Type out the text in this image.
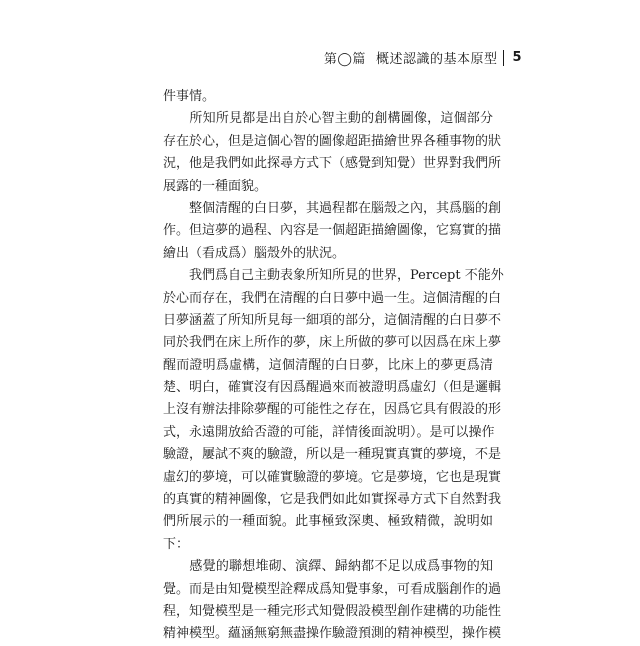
第◯篇 概述認識的基本原型 5
件事情。
　　所知所見都是出自於心智主動的創構圖像，這個部分
存在於心，但是這個心智的圖像超距描繪世界各種事物的狀
況，他是我們如此探尋方式下（感覺到知覺）世界對我們所
展露的一種面貌。
　　整個清醒的白日夢，其過程都在腦殼之內，其爲腦的創
作。但這夢的過程、內容是一個超距描繪圖像，它寫實的描
繪出（看成爲）腦殼外的狀況。
　　我們爲自己主動表象所知所見的世界，Percept 不能外
於心而存在，我們在清醒的白日夢中過一生。這個清醒的白
日夢涵蓋了所知所見每一細項的部分，這個清醒的白日夢不
同於我們在床上所作的夢，床上所做的夢可以因爲在床上夢
醒而證明爲虛構，這個清醒的白日夢，比床上的夢更爲清
楚、明白，確實沒有因爲醒過來而被證明爲虛幻（但是邏輯
上沒有辦法排除夢醒的可能性之存在，因爲它具有假設的形
式，永遠開放給否證的可能，詳情後面說明）。是可以操作
驗證，屢試不爽的驗證，所以是一種現實真實的夢境，不是
虛幻的夢境，可以確實驗證的夢境。它是夢境，它也是現實
的真實的精神圖像，它是我們如此如實探尋方式下自然對我
們所展示的一種面貌。此事極致深奧、極致精微，說明如
下：
　　感覺的聯想堆砌、演繹、歸納都不足以成爲事物的知
覺。而是由知覺模型詮釋成爲知覺事象，可看成腦創作的過
程，知覺模型是一種完形式知覺假設模型創作建構的功能性
精神模型。蘊涵無窮無盡操作驗證預測的精神模型，操作模
